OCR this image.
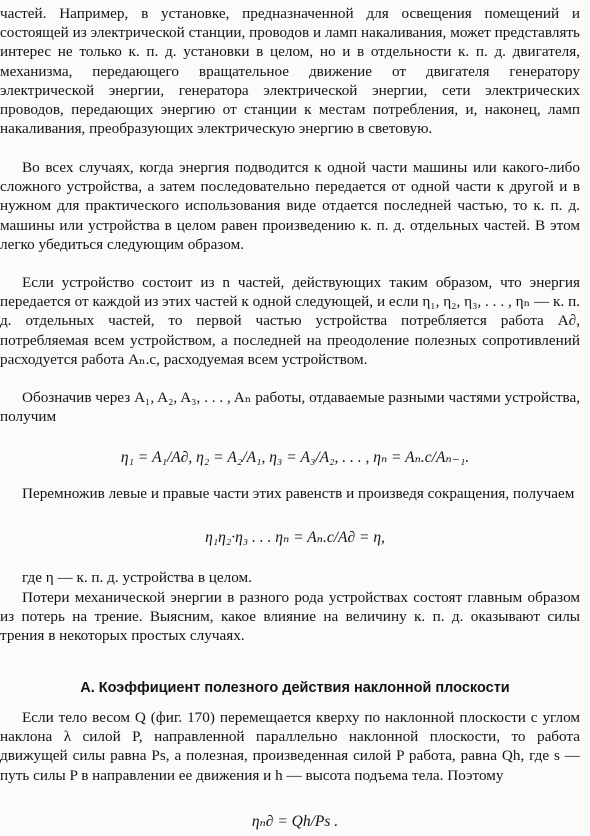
частей. Например, в установке, предназначенной для освещения помещений и состоящей из электрической станции, проводов и ламп накаливания, может представлять интерес не только к. п. д. установки в целом, но и в отдельности к. п. д. двигателя, механизма, передающего вращательное движение от двигателя генератору электрической энергии, генератора электрической энергии, сети электрических проводов, передающих энергию от станции к местам потребления, и, наконец, ламп накаливания, преобразующих электрическую энергию в световую.

Во всех случаях, когда энергия подводится к одной части машины или какого-либо сложного устройства, а затем последовательно передается от одной части к другой и в нужном для практического использования виде отдается последней частью, то к. п. д. машины или устройства в целом равен произведению к. п. д. отдельных частей. В этом легко убедиться следующим образом.

Если устройство состоит из n частей, действующих таким образом, что энергия передается от каждой из этих частей к одной следующей, и если η₁, η₂, η₃, . . . , ηₙ — к. п. д. отдельных частей, то первой частью устройства потребляется работа A∂, потребляемая всем устройством, а последней на преодоление полезных сопротивлений расходуется работа Aₙ.c, расходуемая всем устройством.

Обозначив через A₁, A₂, A₃, . . . , Aₙ работы, отдаваемые разными частями устройства, получим

η₁ = A₁/A∂, η₂ = A₂/A₁, η₃ = A₃/A₂, . . . , ηₙ = Aₙ.c/Aₙ₋₁.

Перемножив левые и правые части этих равенств и произведя сокращения, получаем

η₁η₂·η₃ . . . ηₙ = Aₙ.c/A∂ = η,

где η — к. п. д. устройства в целом.

Потери механической энергии в разного рода устройствах состоят главным образом из потерь на трение. Выясним, какое влияние на величину к. п. д. оказывают силы трения в некоторых простых случаях.

А. Коэффициент полезного действия наклонной плоскости

Если тело весом Q (фиг. 170) перемещается кверху по наклонной плоскости с углом наклона λ силой P, направленной параллельно наклонной плоскости, то работа движущей силы равна Ps, а полезная, произведенная силой P работа, равна Qh, где s — путь силы P в направлении ее движения и h — высота подъема тела. Поэтому

ηₙ∂ = Qh/Ps .
